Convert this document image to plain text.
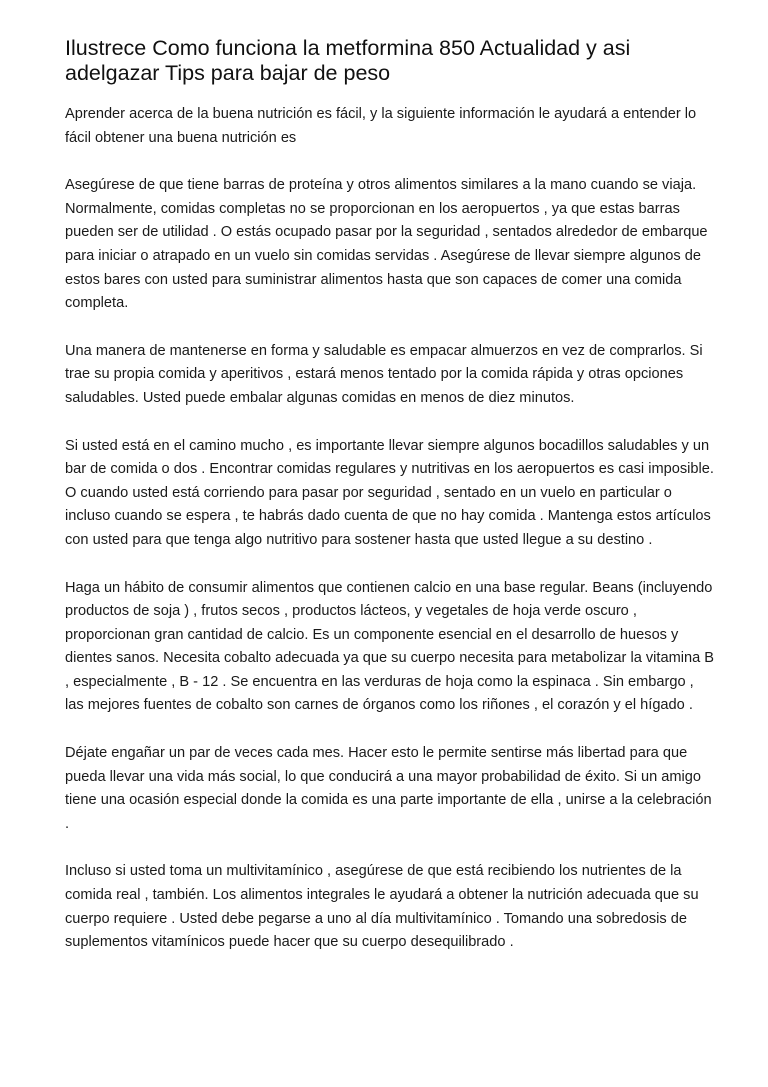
Ilustrece Como funciona la metformina 850 Actualidad y asi adelgazar Tips para bajar de peso

Aprender acerca de la buena nutrición es fácil, y la siguiente información le ayudará a entender lo fácil obtener una buena nutrición es

Asegúrese de que tiene barras de proteína y otros alimentos similares a la mano cuando se viaja. Normalmente, comidas completas no se proporcionan en los aeropuertos , ya que estas barras pueden ser de utilidad . O estás ocupado pasar por la seguridad , sentados alrededor de embarque para iniciar o atrapado en un vuelo sin comidas servidas . Asegúrese de llevar siempre algunos de estos bares con usted para suministrar alimentos hasta que son capaces de comer una comida completa.

Una manera de mantenerse en forma y saludable es empacar almuerzos en vez de comprarlos. Si trae su propia comida y aperitivos , estará menos tentado por la comida rápida y otras opciones saludables. Usted puede embalar algunas comidas en menos de diez minutos.

Si usted está en el camino mucho , es importante llevar siempre algunos bocadillos saludables y un bar de comida o dos . Encontrar comidas regulares y nutritivas en los aeropuertos es casi imposible. O cuando usted está corriendo para pasar por seguridad , sentado en un vuelo en particular o incluso cuando se espera , te habrás dado cuenta de que no hay comida . Mantenga estos artículos con usted para que tenga algo nutritivo para sostener hasta que usted llegue a su destino .

Haga un hábito de consumir alimentos que contienen calcio en una base regular. Beans (incluyendo productos de soja ) , frutos secos , productos lácteos, y vegetales de hoja verde oscuro , proporcionan gran cantidad de calcio. Es un componente esencial en el desarrollo de huesos y dientes sanos. Necesita cobalto adecuada ya que su cuerpo necesita para metabolizar la vitamina B , especialmente , B - 12 . Se encuentra en las verduras de hoja como la espinaca . Sin embargo , las mejores fuentes de cobalto son carnes de órganos como los riñones , el corazón y el hígado .

Déjate engañar un par de veces cada mes. Hacer esto le permite sentirse más libertad para que pueda llevar una vida más social, lo que conducirá a una mayor probabilidad de éxito. Si un amigo tiene una ocasión especial donde la comida es una parte importante de ella , unirse a la celebración .

Incluso si usted toma un multivitamínico , asegúrese de que está recibiendo los nutrientes de la comida real , también. Los alimentos integrales le ayudará a obtener la nutrición adecuada que su cuerpo requiere . Usted debe pegarse a uno al día multivitamínico . Tomando una sobredosis de suplementos vitamínicos puede hacer que su cuerpo desequilibrado .
